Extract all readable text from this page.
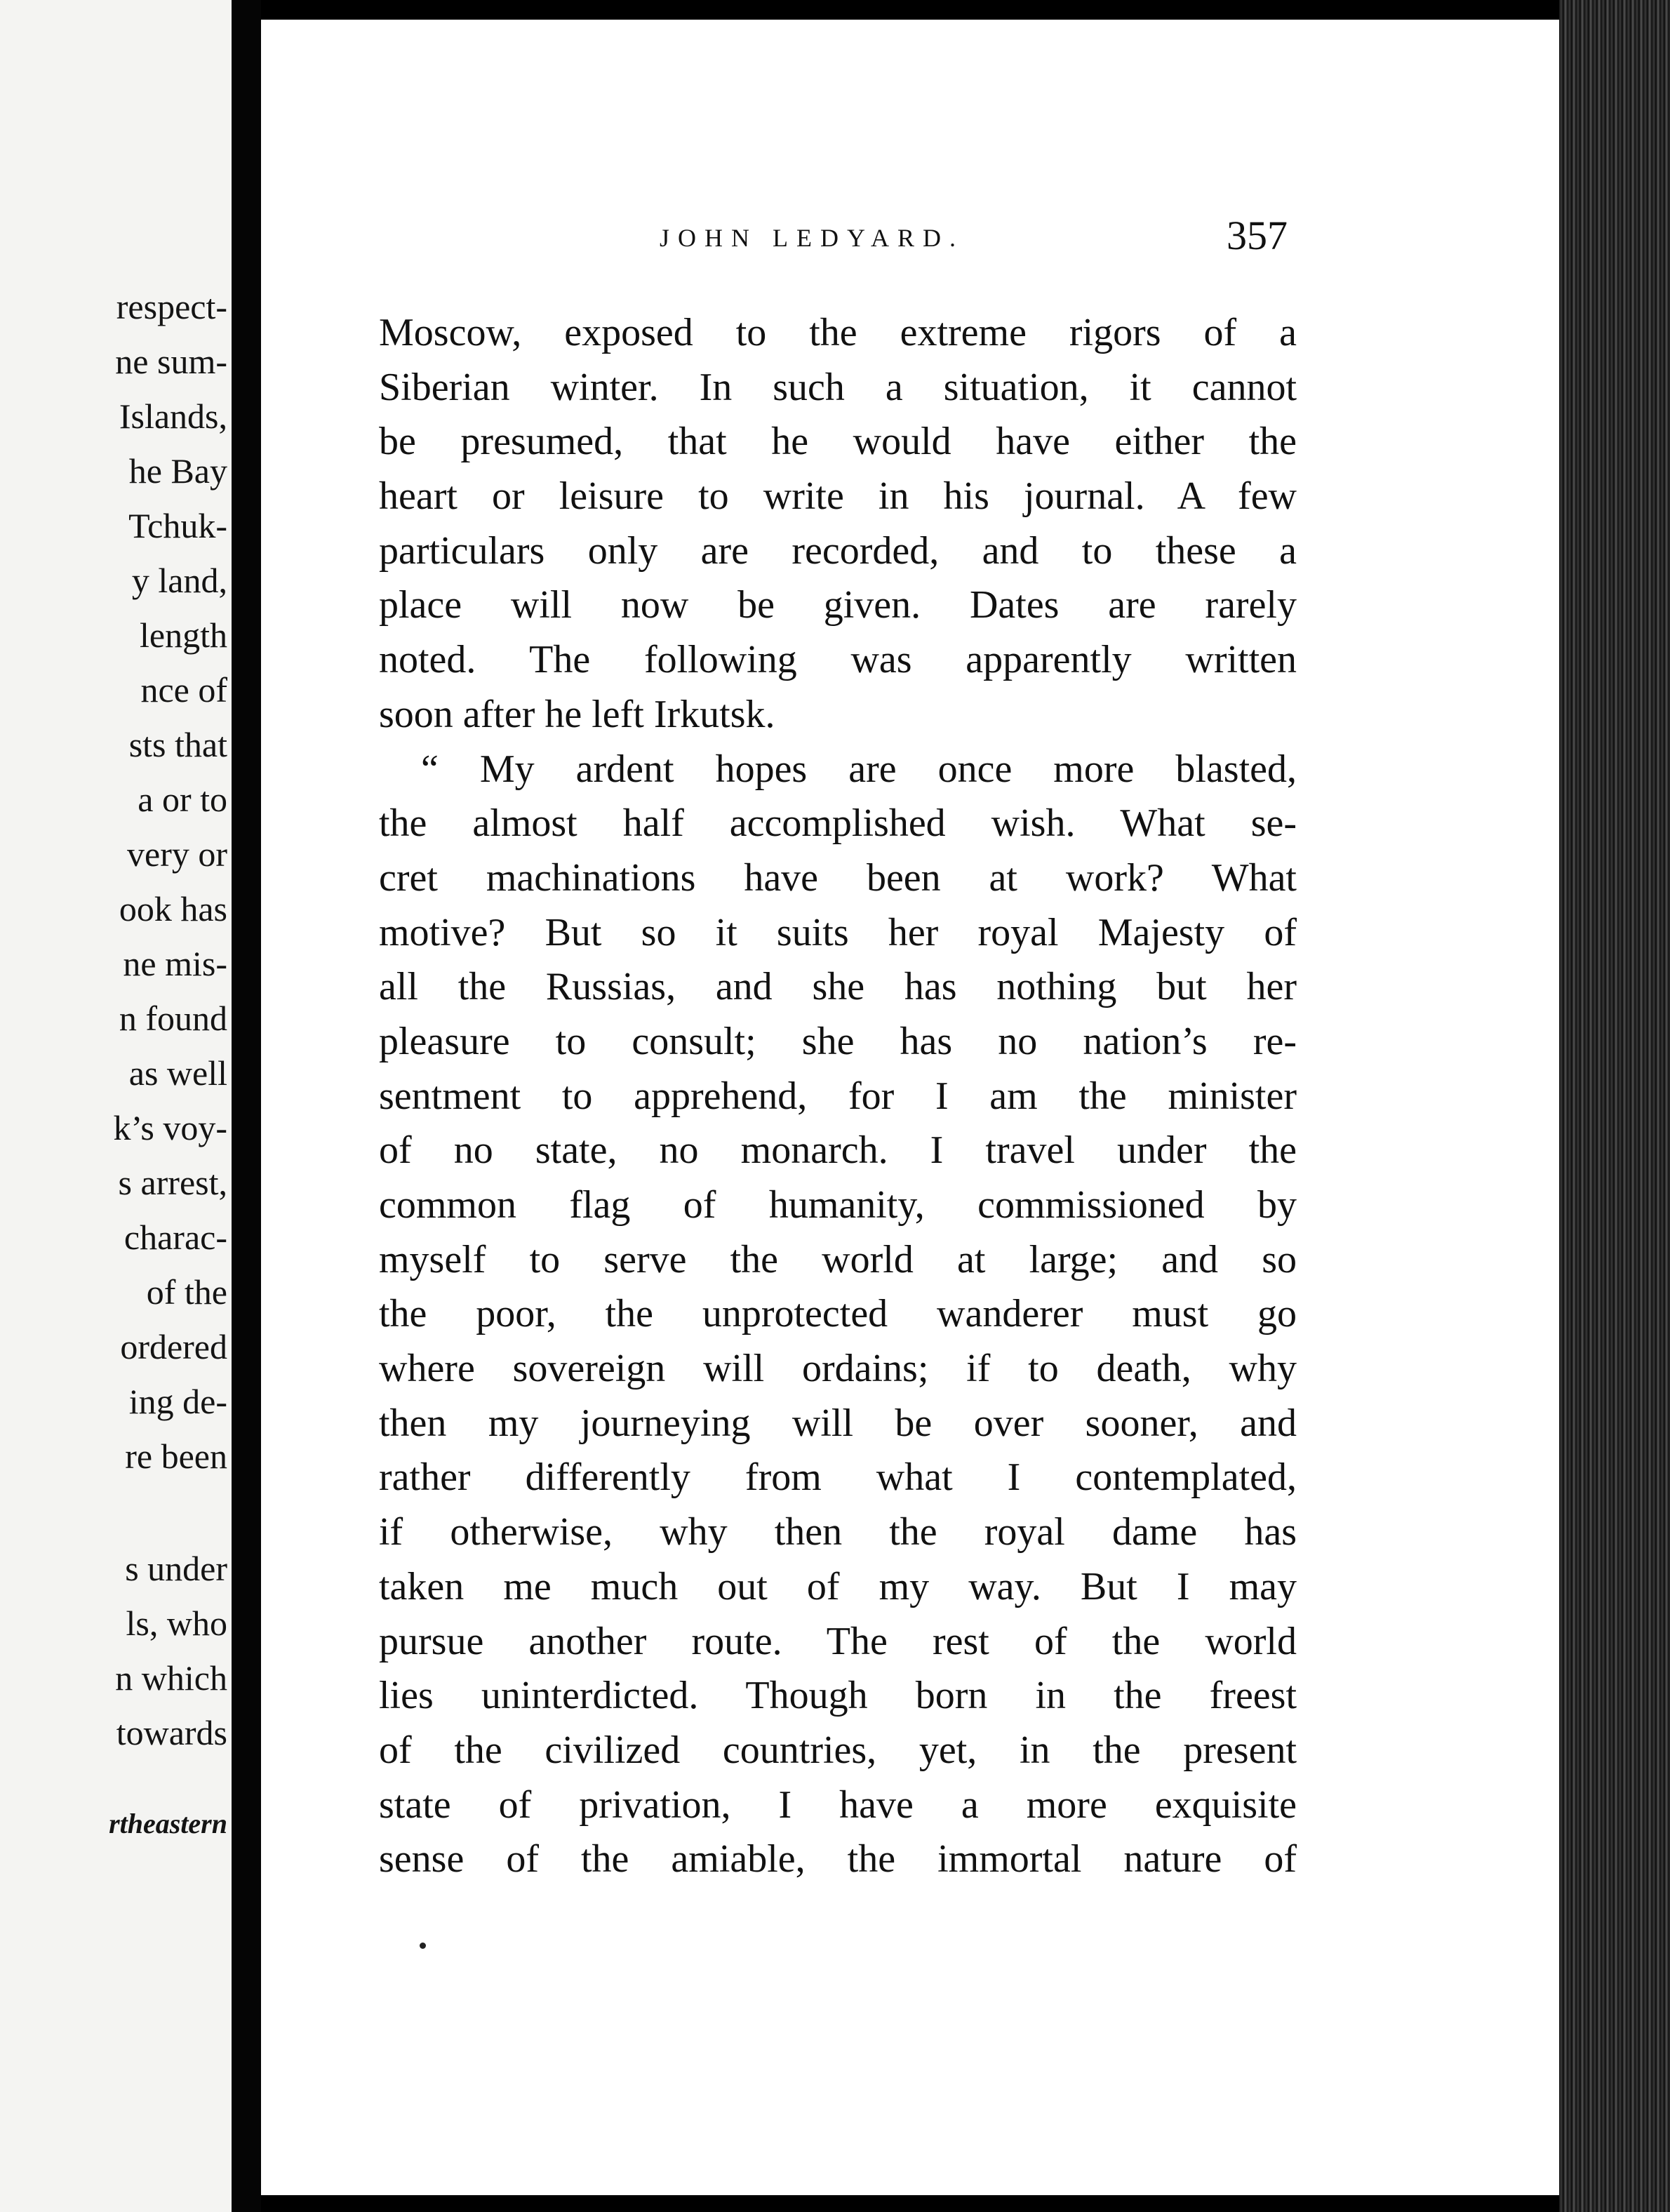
respect-
ne sum-
Islands,
he Bay
Tchuk-
y land,
length
nce of
sts that
a or to
very or
ook has
ne mis-
n found
as well
k’s voy-
s arrest,
charac-
of the
ordered
ing de-
re been
s under
ls, who
n which
towards
rtheastern
JOHN LEDYARD.	357
Moscow, exposed to the extreme rigors of a
Siberian winter. In such a situation, it cannot
be presumed, that he would have either the
heart or leisure to write in his journal. A few
particulars only are recorded, and to these a
place will now be given. Dates are rarely
noted. The following was apparently written
soon after he left Irkutsk.
“ My ardent hopes are once more blasted,
the almost half accomplished wish. What se-
cret machinations have been at work? What
motive? But so it suits her royal Majesty of
all the Russias, and she has nothing but her
pleasure to consult; she has no nation’s re-
sentment to apprehend, for I am the minister
of no state, no monarch. I travel under the
common flag of humanity, commissioned by
myself to serve the world at large; and so
the poor, the unprotected wanderer must go
where sovereign will ordains; if to death, why
then my journeying will be over sooner, and
rather differently from what I contemplated,
if otherwise, why then the royal dame has
taken me much out of my way. But I may
pursue another route. The rest of the world
lies uninterdicted. Though born in the freest
of the civilized countries, yet, in the present
state of privation, I have a more exquisite
sense of the amiable, the immortal nature of
